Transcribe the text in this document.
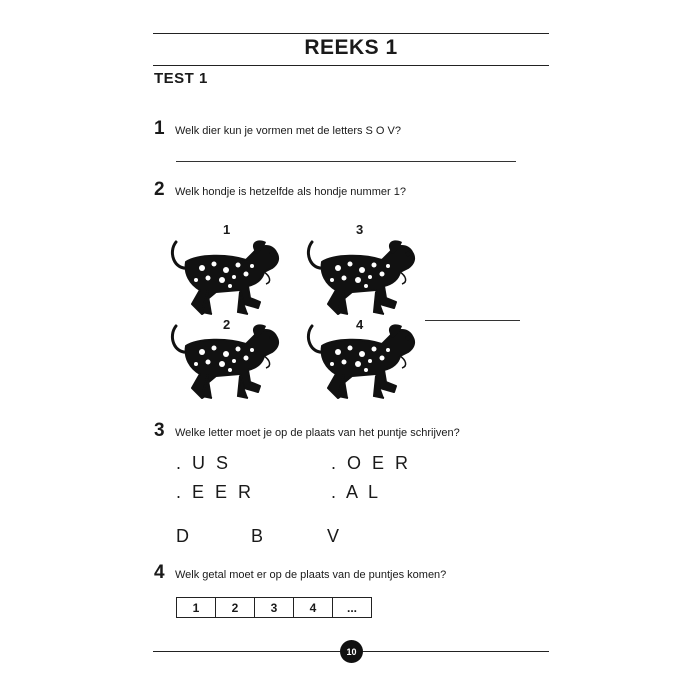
REEKS 1
TEST 1
1 Welk dier kun je vormen met de letters S O V?
2 Welk hondje is hetzelfde als hondje nummer 1?
1	3
2	4
3 Welke letter moet je op de plaats van het puntje schrijven?
. U S	. O E R
. E E R	. A L
D	B	V
4 Welk getal moet er op de plaats van de puntjes komen?
1	2	3	4	...
10
